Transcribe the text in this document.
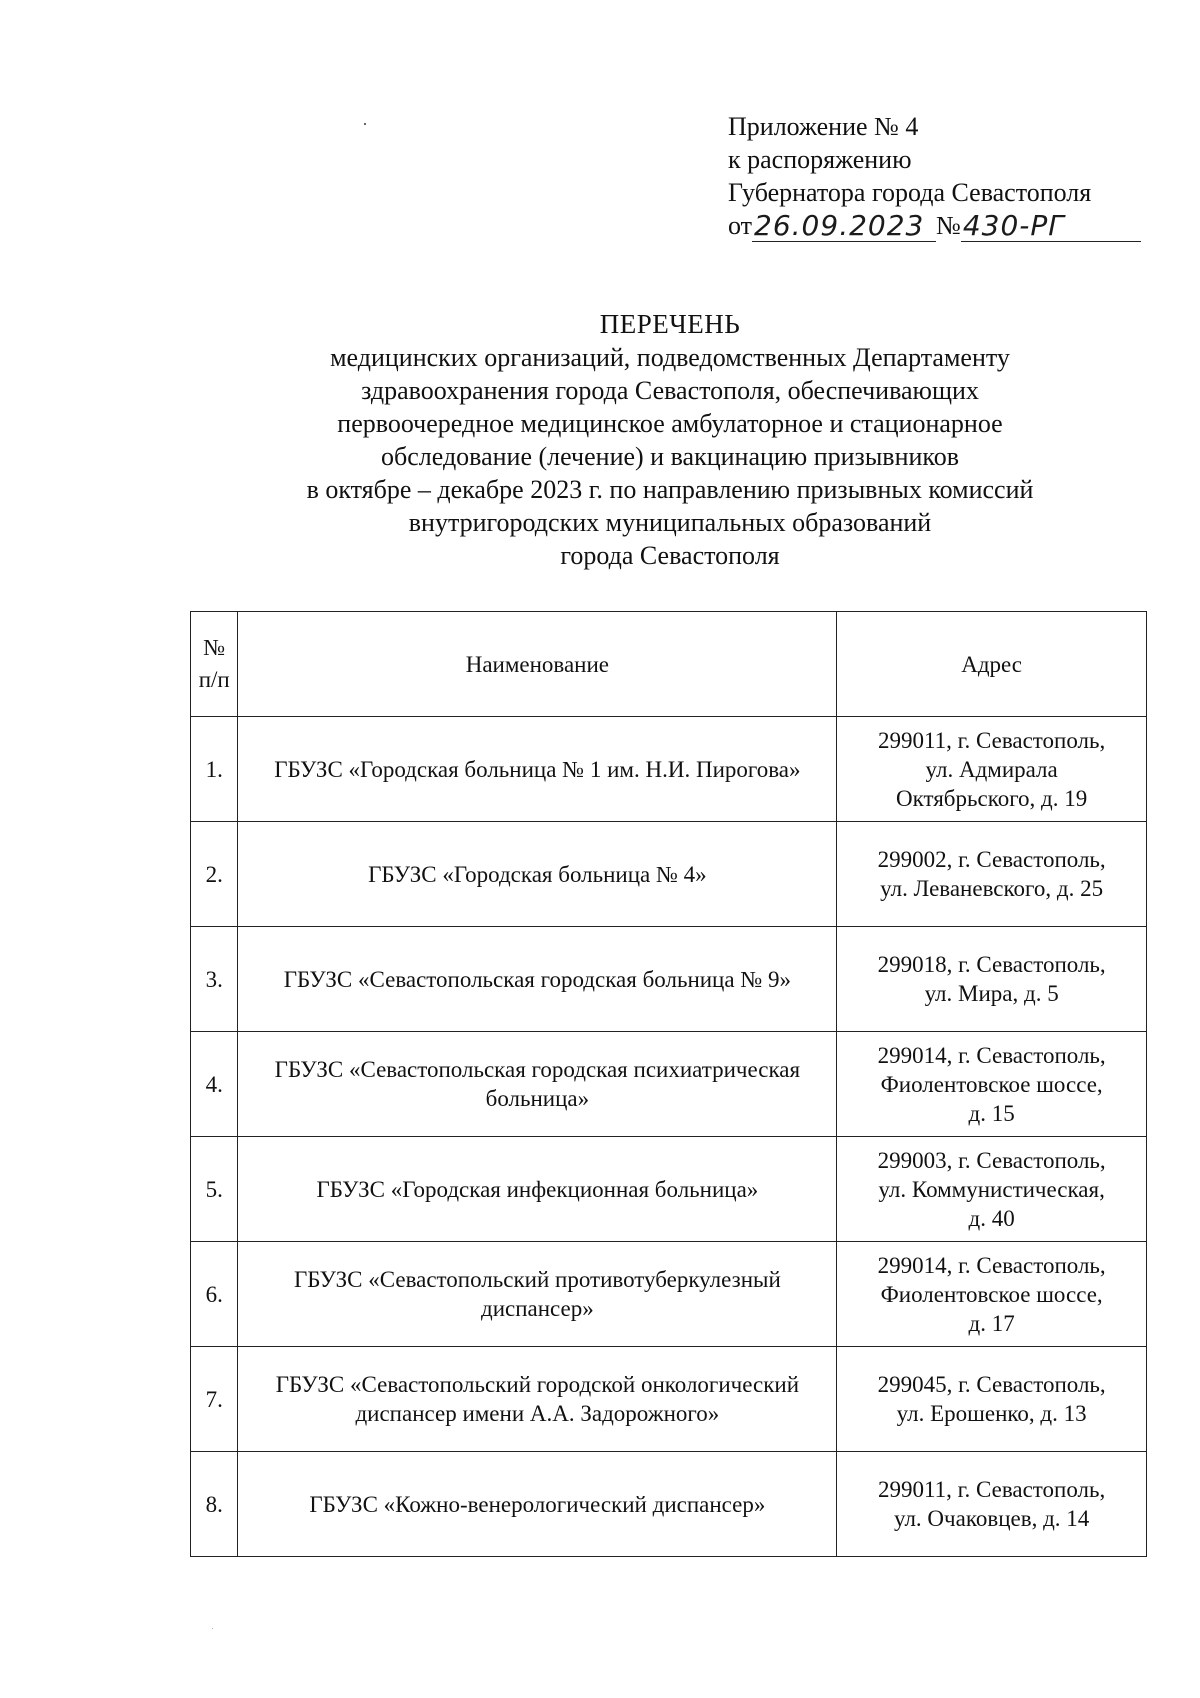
Приложение № 4
к распоряжению
Губернатора города Севастополя
от 26.09.2023 № 430-РГ
ПЕРЕЧЕНЬ
медицинских организаций, подведомственных Департаменту
здравоохранения города Севастополя, обеспечивающих
первоочередное медицинское амбулаторное и стационарное
обследование (лечение) и вакцинацию призывников
в октябре – декабре 2023 г. по направлению призывных комиссий
внутригородских муниципальных образований
города Севастополя
№
п/п	Наименование	Адрес
1.	ГБУЗС «Городская больница № 1 им. Н.И. Пирогова»	299011, г. Севастополь,
ул. Адмирала
Октябрьского, д. 19

2.	ГБУЗС «Городская больница № 4»	299002, г. Севастополь,
ул. Леваневского, д. 25

3.	ГБУЗС «Севастопольская городская больница № 9»	299018, г. Севастополь,
ул. Мира, д. 5

4.	ГБУЗС «Севастопольская городская психиатрическая больница»	299014, г. Севастополь,
Фиолентовское шоссе,
д. 15

5.	ГБУЗС «Городская инфекционная больница»	299003, г. Севастополь,
ул. Коммунистическая,
д. 40

6.	ГБУЗС «Севастопольский противотуберкулезный диспансер»	299014, г. Севастополь,
Фиолентовское шоссе,
д. 17

7.	ГБУЗС «Севастопольский городской онкологический диспансер имени А.А. Задорожного»	299045, г. Севастополь,
ул. Ерошенко, д. 13

8.	ГБУЗС «Кожно-венерологический диспансер»	299011, г. Севастополь,
ул. Очаковцев, д. 14
